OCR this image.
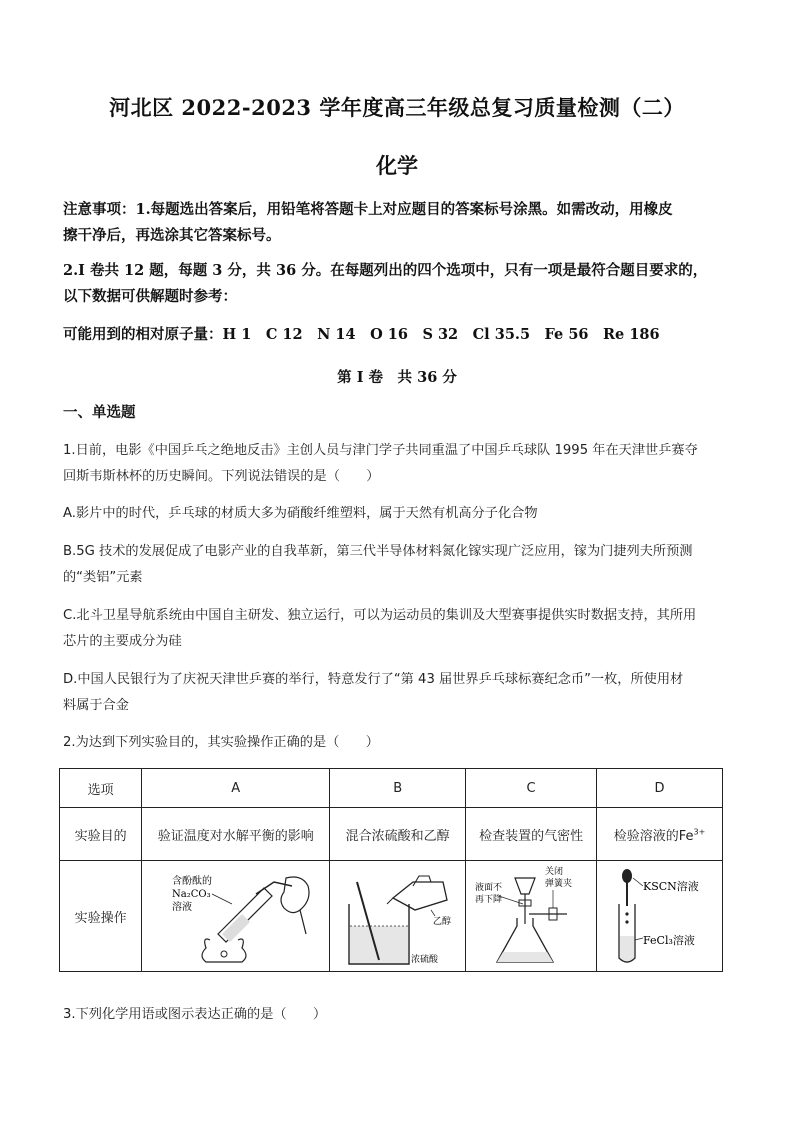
河北区 2022-2023 学年度高三年级总复习质量检测（二）
化学
注意事项：1.每题选出答案后，用铅笔将答题卡上对应题目的答案标号涂黑。如需改动，用橡皮
擦干净后，再选涂其它答案标号。
2.I 卷共 12 题，每题 3 分，共 36 分。在每题列出的四个选项中，只有一项是最符合题目要求的，
以下数据可供解题时参考：
可能用到的相对原子量：H 1　C 12　N 14　O 16　S 32　Cl 35.5　Fe 56　Re 186
第 I 卷　共 36 分
一、单选题
1.日前，电影《中国乒乓之绝地反击》主创人员与津门学子共同重温了中国乒乓球队 1995 年在天津世乒赛夺
回斯韦斯林杯的历史瞬间。下列说法错误的是（　　）
A.影片中的时代，乒乓球的材质大多为硝酸纤维塑料，属于天然有机高分子化合物
B.5G 技术的发展促成了电影产业的自我革新，第三代半导体材料氮化镓实现广泛应用，镓为门捷列夫所预测
的“类铝”元素
C.北斗卫星导航系统由中国自主研发、独立运行，可以为运动员的集训及大型赛事提供实时数据支持，其所用
芯片的主要成分为硅
D.中国人民银行为了庆祝天津世乒赛的举行，特意发行了“第 43 届世界乒乓球标赛纪念币”一枚，所使用材
料属于合金
2.为达到下列实验目的，其实验操作正确的是（　　）
选项	A	B	C	D
实验目的	验证温度对水解平衡的影响	混合浓硫酸和乙醇	检查装置的气密性	检验溶液的$Fe^{3+}$
实验操作	含酚酞的
Na₂CO₃
溶液	乙醇
浓硫酸	液面不
再下降
关闭
弹簧夹	KSCN溶液
FeCl₃溶液
3.下列化学用语或图示表达正确的是（　　）
